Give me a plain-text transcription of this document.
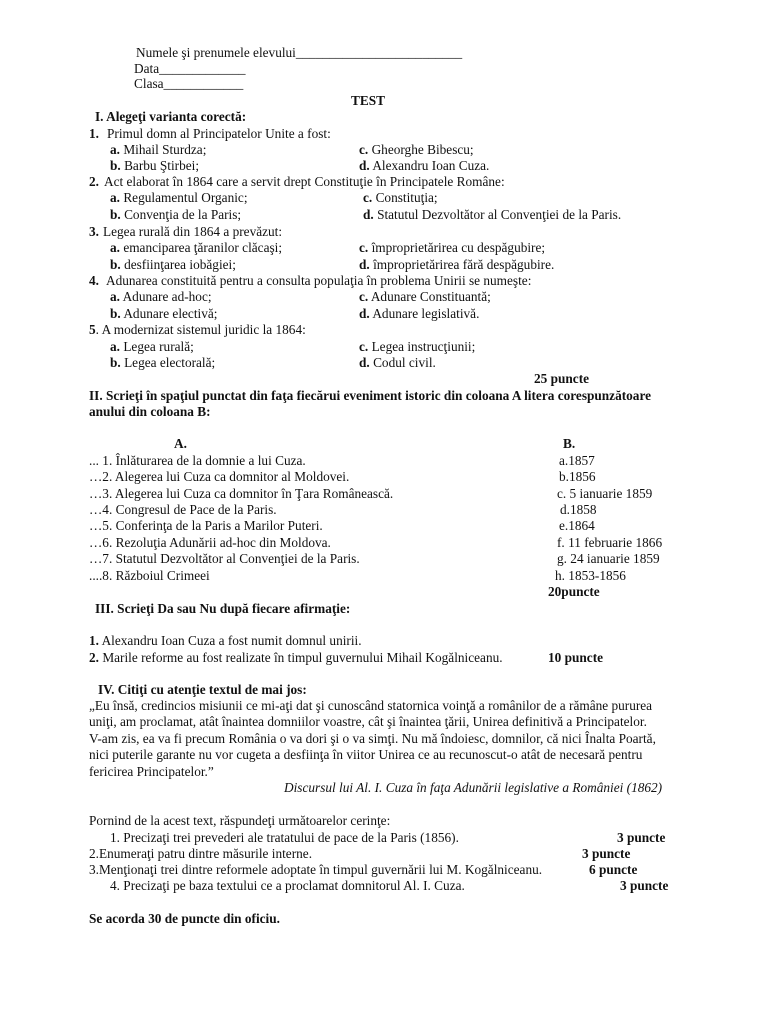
Numele şi prenumele elevului_________________________
Data_____________
Clasa____________
TEST
I. Alegeţi varianta corectă:
1. Primul domn al Principatelor Unite a fost:
a. Mihail Sturdza;	c. Gheorghe Bibescu;
b. Barbu Ştirbei;	d. Alexandru Ioan Cuza.
2. Act elaborat în 1864 care a servit drept Constituţie în Principatele Române:
a. Regulamentul Organic;	c. Constituţia;
b. Convenţia de la Paris;	d. Statutul Dezvoltător al Convenţiei de la Paris.
3. Legea rurală din 1864 a prevăzut:
a. emanciparea ţăranilor clăcaşi;	c. împroprietărirea cu despăgubire;
b. desfiinţarea iobăgiei;	d. împroprietărirea fără despăgubire.
4. Adunarea constituită pentru a consulta populaţia în problema Unirii se numeşte:
a. Adunare ad-hoc;	c. Adunare Constituantă;
b. Adunare electivă;	d. Adunare legislativă.
5. A modernizat sistemul juridic la 1864:
a. Legea rurală;	c. Legea instrucţiunii;
b. Legea electorală;	d. Codul civil.
25 puncte
II. Scrieţi în spaţiul punctat din faţa fiecărui eveniment istoric din coloana A litera corespunzătoare
anului din coloana B:
A.	B.
... 1. Înlăturarea de la domnie a lui Cuza.	a.1857
…2. Alegerea lui Cuza ca domnitor al Moldovei.	b.1856
…3. Alegerea lui Cuza ca domnitor în Ţara Românească.	c. 5 ianuarie 1859
…4. Congresul de Pace de la Paris.	d.1858
…5. Conferinţa de la Paris a Marilor Puteri.	e.1864
…6. Rezoluţia Adunării ad-hoc din Moldova.	f. 11 februarie 1866
…7. Statutul Dezvoltător al Convenţiei de la Paris.	g. 24 ianuarie 1859
....8. Războiul Crimeei	h. 1853-1856
20puncte
III. Scrieţi Da sau Nu după fiecare afirmaţie:
1. Alexandru Ioan Cuza a fost numit domnul unirii.
2. Marile reforme au fost realizate în timpul guvernului Mihail Kogălniceanu.	10 puncte
IV. Citiţi cu atenţie textul de mai jos:
„Eu însă, credincios misiunii ce mi-aţi dat şi cunoscând statornica voinţă a românilor de a rămâne pururea
uniţi, am proclamat, atât înaintea domniilor voastre, cât şi înaintea ţării, Unirea definitivă a Principatelor.
V-am zis, ea va fi precum România o va dori şi o va simţi. Nu mă îndoiesc, domnilor, că nici Înalta Poartă,
nici puterile garante nu vor cugeta a desfiinţa în viitor Unirea ce au recunoscut-o atât de necesară pentru
fericirea Principatelor.”
Discursul lui Al. I. Cuza în faţa Adunării legislative a României (1862)
Pornind de la acest text, răspundeţi următoarelor cerinţe:
1. Precizaţi trei prevederi ale tratatului de pace de la Paris (1856).	3 puncte
2.Enumeraţi patru dintre măsurile interne.	3 puncte
3.Menţionaţi trei dintre reformele adoptate în timpul guvernării lui M. Kogălniceanu.	6 puncte
4. Precizaţi pe baza textului ce a proclamat domnitorul Al. I. Cuza.	3 puncte
Se acorda 30 de puncte din oficiu.
